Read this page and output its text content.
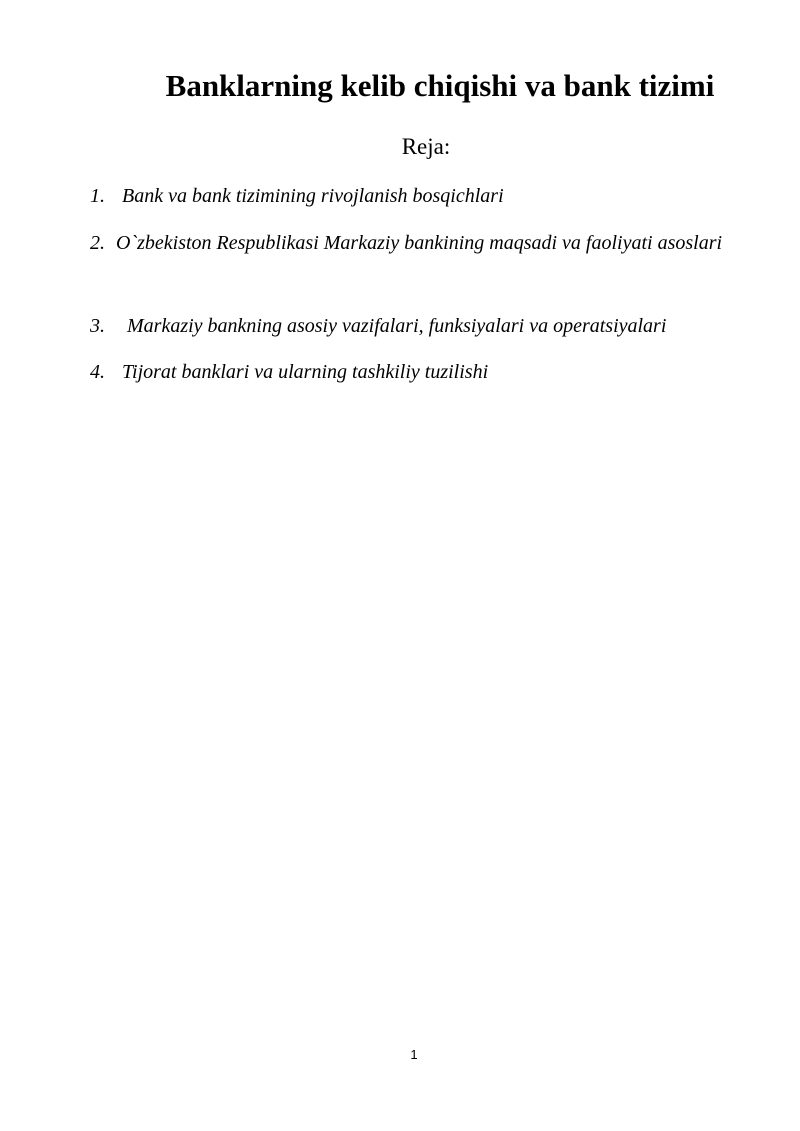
Banklarning kelib chiqishi va bank tizimi

Reja:

1. Bank va bank tizimining rivojlanish bosqichlari
2. O`zbekiston Respublikasi Markaziy bankining maqsadi va faoliyati asoslari
3. Markaziy bankning asosiy vazifalari, funksiyalari va operatsiyalari
4. Tijorat banklari va ularning tashkiliy tuzilishi
1
